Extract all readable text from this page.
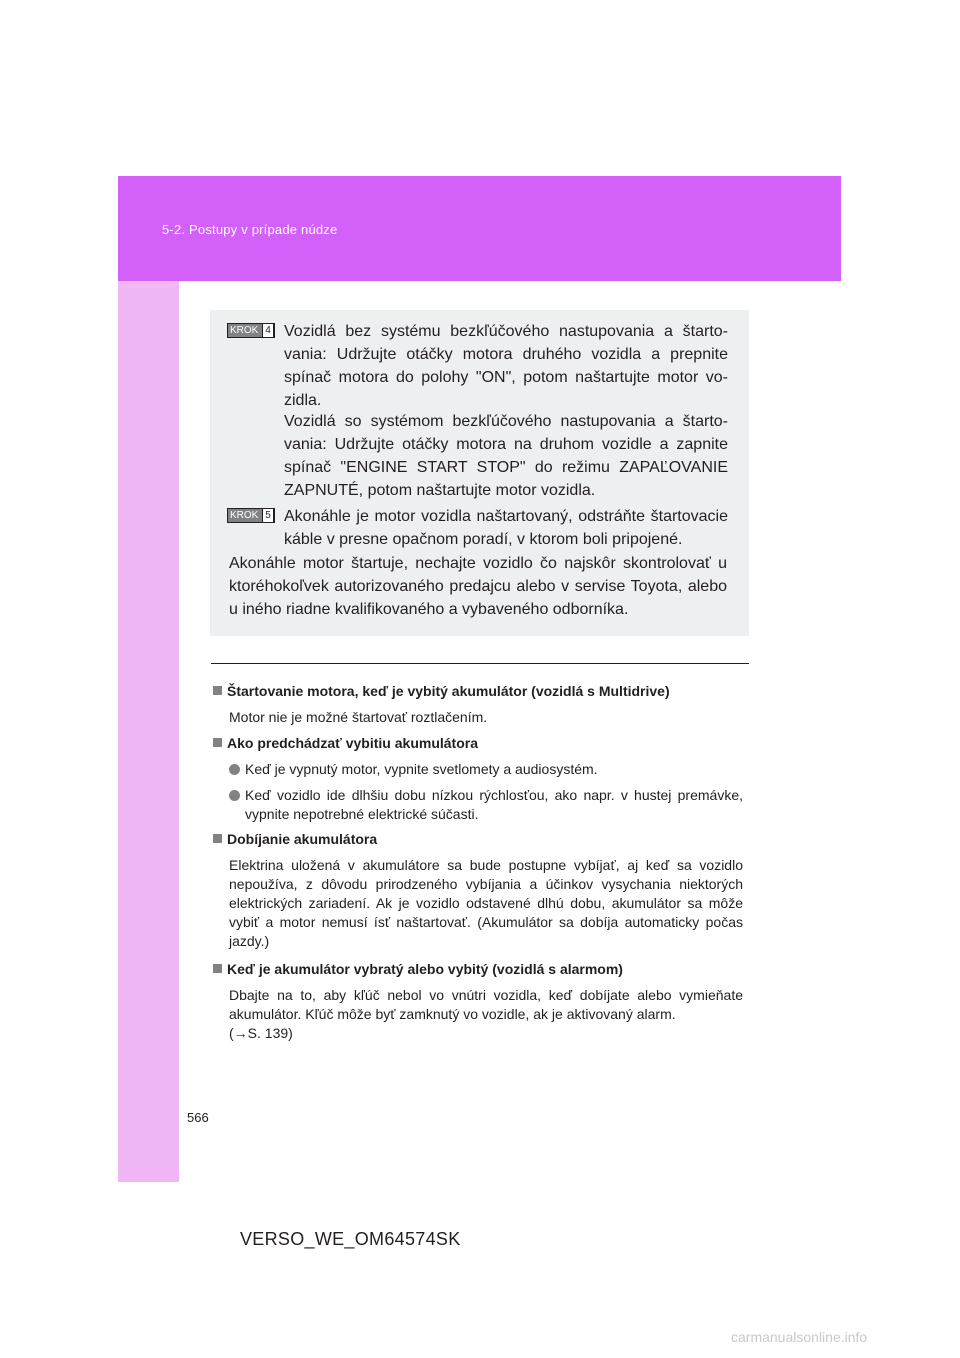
5-2. Postupy v prípade núdze
KROK 4 Vozidlá bez systému bezkľúčového nastupovania a štartovania: Udržujte otáčky motora druhého vozidla a prepnite spínač motora do polohy "ON", potom naštartujte motor vozidla.
Vozidlá so systémom bezkľúčového nastupovania a štartovania: Udržujte otáčky motora na druhom vozidle a zapnite spínač "ENGINE START STOP" do režimu ZAPAĽOVANIE ZAPNUTÉ, potom naštartujte motor vozidla.
KROK 5 Akonáhle je motor vozidla naštartovaný, odstráňte štartovacie káble v presne opačnom poradí, v ktorom boli pripojené.
Akonáhle motor štartuje, nechajte vozidlo čo najskôr skontrolovať u ktoréhokoľvek autorizovaného predajcu alebo v servise Toyota, alebo u iného riadne kvalifikovaného a vybaveného odborníka.
Štartovanie motora, keď je vybitý akumulátor (vozidlá s Multidrive)
Motor nie je možné štartovať roztlačením.
Ako predchádzať vybitiu akumulátora
Keď je vypnutý motor, vypnite svetlomety a audiosystém.
Keď vozidlo ide dlhšiu dobu nízkou rýchlosťou, ako napr. v hustej premávke, vypnite nepotrebné elektrické súčasti.
Dobíjanie akumulátora
Elektrina uložená v akumulátore sa bude postupne vybíjať, aj keď sa vozidlo nepoužíva, z dôvodu prirodzeného vybíjania a účinkov vysychania niektorých elektrických zariadení. Ak je vozidlo odstavené dlhú dobu, akumulátor sa môže vybiť a motor nemusí ísť naštartovať. (Akumulátor sa dobíja automaticky počas jazdy.)
Keď je akumulátor vybratý alebo vybitý (vozidlá s alarmom)
Dbajte na to, aby kľúč nebol vo vnútri vozidla, keď dobíjate alebo vymieňate akumulátor. Kľúč môže byť zamknutý vo vozidle, ak je aktivovaný alarm.
(→S. 139)
566
VERSO_WE_OM64574SK
carmanualsonline.info
